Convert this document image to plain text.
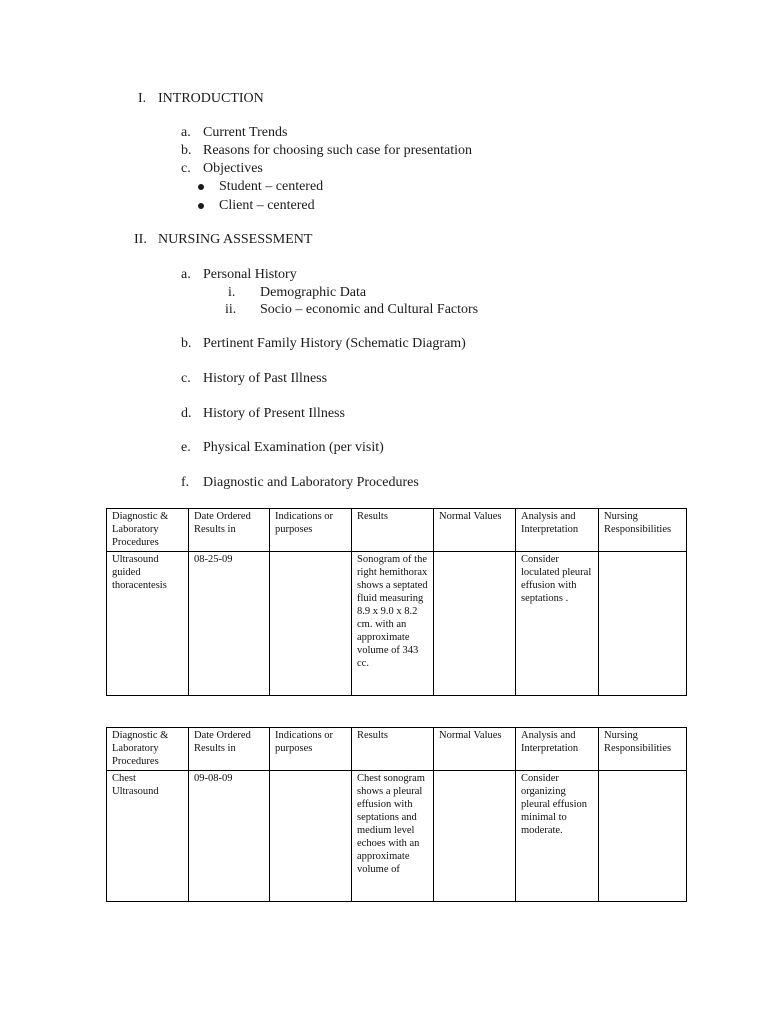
I. INTRODUCTION
a. Current Trends
b. Reasons for choosing such case for presentation
c. Objectives
Student – centered
Client – centered
II. NURSING ASSESSMENT
a. Personal History
i. Demographic Data
ii. Socio – economic and Cultural Factors
b. Pertinent Family History (Schematic Diagram)
c. History of Past Illness
d. History of Present Illness
e. Physical Examination (per visit)
f. Diagnostic and Laboratory Procedures
Diagnostic & Laboratory Procedures	Date Ordered Results in	Indications or purposes	Results	Normal Values	Analysis and Interpretation	Nursing Responsibilities
Ultrasound guided thoracentesis	08-25-09		Sonogram of the right hemithorax shows a septated fluid measuring 8.9 x 9.0 x 8.2 cm. with an approximate volume of 343 cc.		Consider loculated pleural effusion with septations .	
Diagnostic & Laboratory Procedures	Date Ordered Results in	Indications or purposes	Results	Normal Values	Analysis and Interpretation	Nursing Responsibilities
Chest Ultrasound	09-08-09		Chest sonogram shows a pleural effusion with septations and medium level echoes with an approximate volume of		Consider organizing pleural effusion minimal to moderate.	
